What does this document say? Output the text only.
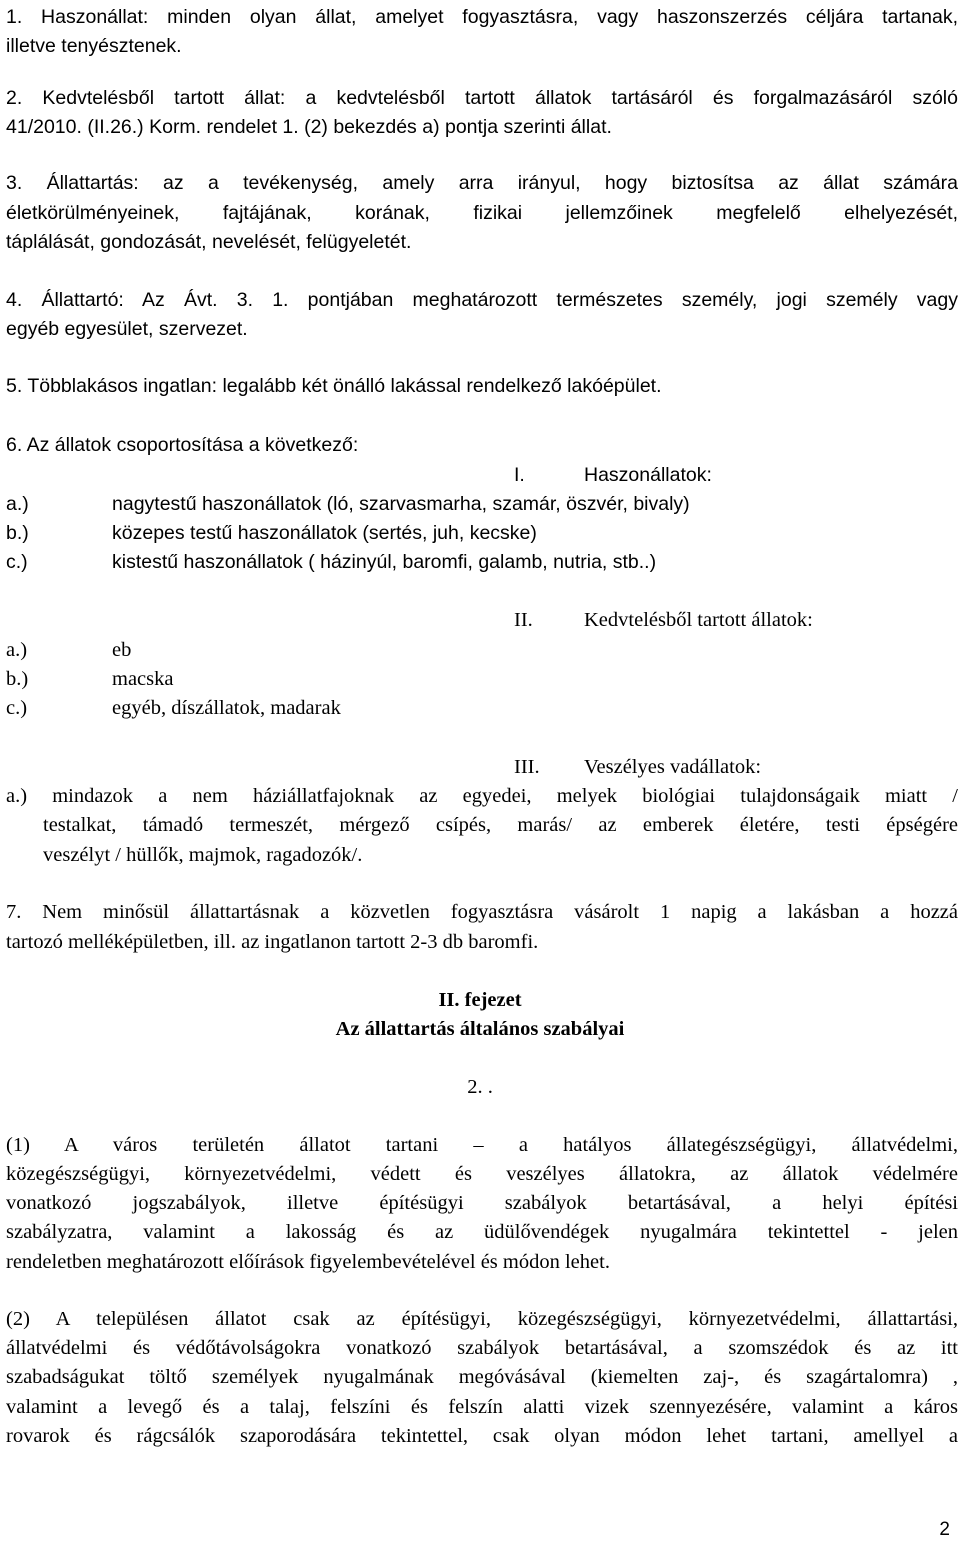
1. Haszonállat: minden olyan állat, amelyet fogyasztásra, vagy haszonszerzés céljára tartanak,
illetve tenyésztenek.
2. Kedvtelésből tartott állat: a kedvtelésből tartott állatok tartásáról és forgalmazásáról szóló
41/2010. (II.26.) Korm. rendelet 1. (2) bekezdés a) pontja szerinti állat.
3. Állattartás: az a tevékenység, amely arra irányul, hogy biztosítsa az állat számára
életkörülményeinek, fajtájának, korának, fizikai jellemzőinek megfelelő elhelyezését,
táplálását, gondozását, nevelését, felügyeletét.
4. Állattartó: Az Ávt. 3. 1. pontjában meghatározott természetes személy, jogi személy vagy
egyéb egyesület, szervezet.
5. Többlakásos ingatlan: legalább két önálló lakással rendelkező lakóépület.
6. Az állatok csoportosítása a következő:
I.	Haszonállatok:
a.)	nagytestű haszonállatok (ló, szarvasmarha, szamár, öszvér, bivaly)
b.)	közepes testű haszonállatok (sertés, juh, kecske)
c.)	kistestű haszonállatok ( házinyúl, baromfi, galamb, nutria, stb..)
II. Kedvtelésből tartott állatok:
a.)	eb
b.)	macska
c.)	egyéb, díszállatok, madarak
III. Veszélyes vadállatok:
a.) mindazok a nem háziállatfajoknak az egyedei, melyek biológiai tulajdonságaik miatt /
testalkat, támadó termeszét, mérgező csípés, marás/ az emberek életére, testi épségére
veszélyt / hüllők, majmok, ragadozók/.
7. Nem minősül állattartásnak a közvetlen fogyasztásra vásárolt 1 napig a lakásban a hozzá
tartozó melléképületben, ill. az ingatlanon tartott 2-3 db baromfi.
II. fejezet
Az állattartás általános szabályai
2. .
(1) A város területén állatot tartani – a hatályos állategészségügyi, állatvédelmi,
közegészségügyi, környezetvédelmi, védett és veszélyes állatokra, az állatok védelmére
vonatkozó jogszabályok, illetve építésügyi szabályok betartásával, a helyi építési
szabályzatra, valamint a lakosság és az üdülővendégek nyugalmára tekintettel - jelen
rendeletben meghatározott előírások figyelembevételével és módon lehet.
(2) A településen állatot csak az építésügyi, közegészségügyi, környezetvédelmi, állattartási,
állatvédelmi és védőtávolságokra vonatkozó szabályok betartásával, a szomszédok és az itt
szabadságukat töltő személyek nyugalmának megóvásával (kiemelten zaj-, és szagártalomra) ,
valamint a levegő és a talaj, felszíni és felszín alatti vizek szennyezésére, valamint a káros
rovarok és rágcsálók szaporodására tekintettel, csak olyan módon lehet tartani, amellyel a
2
